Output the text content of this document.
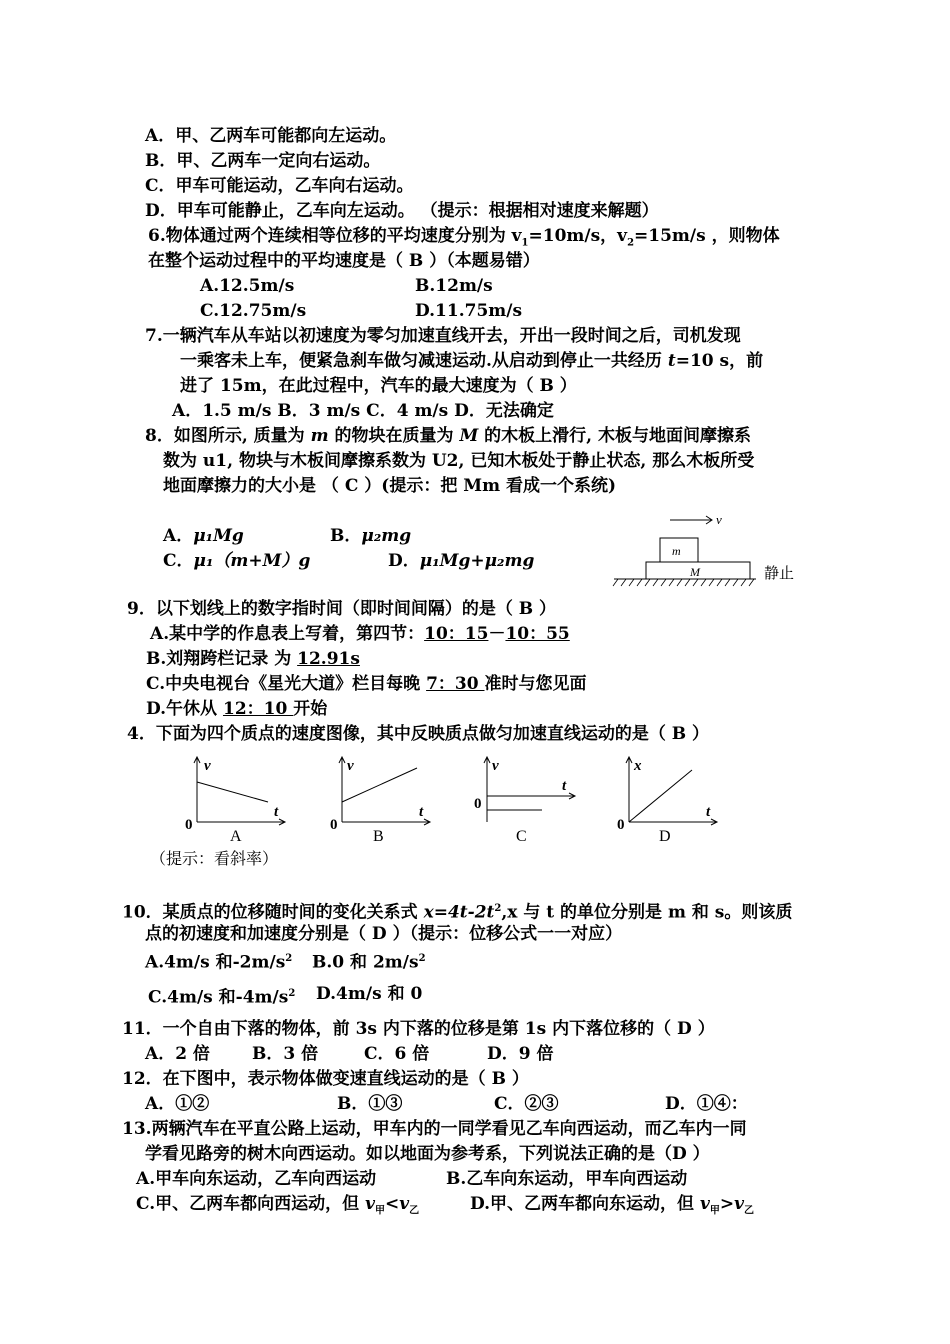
A．甲、乙两车可能都向左运动。
B．甲、乙两车一定向右运动。
C．甲车可能运动，乙车向右运动。
D．甲车可能静止，乙车向左运动。 （提示：根据相对速度来解题）
6.物体通过两个连续相等位移的平均速度分别为 $v_1=10m/s$，$v_2=15m/s$ ，则物体
在整个运动过程中的平均速度是（ B ）（本题易错）
A.12.5m/s	B.12m/s
C.12.75m/s	D.11.75m/s
7.一辆汽车从车站以初速度为零匀加速直线开去，开出一段时间之后，司机发现
一乘客未上车，便紧急刹车做匀减速运动.从启动到停止一共经历 t=10 s，前
进了 15m，在此过程中，汽车的最大速度为（ B ）
A．1.5 m/s B．3 m/s C．4 m/s D．无法确定
8．如图所示, 质量为 m 的物块在质量为 M 的木板上滑行, 木板与地面间摩擦系
数为 u1, 物块与木板间摩擦系数为 U2, 已知木板处于静止状态, 那么木板所受
地面摩擦力的大小是 （ C ）(提示：把 Mm 看成一个系统)
A．μ₁Mg	B．μ₂mg
C．μ₁（m+M）g	D．μ₁Mg+μ₂mg
v
m
M	静止
9．以下划线上的数字指时间（即时间间隔）的是（ B ）
A.某中学的作息表上写着，第四节：10：15－10：55
B.刘翔跨栏记录 为 12.91s
C.中央电视台《星光大道》栏目每晚 7：30 准时与您见面
D.午休从 12：10 开始
4．下面为四个质点的速度图像，其中反映质点做匀加速直线运动的是（ B ）
v
t
0
A
v
t
0
B
v
t
0
C
x
t
0
D
（提示：看斜率）
10．某质点的位移随时间的变化关系式 $x=4t-2t^2,x$ 与 t 的单位分别是 m 和 s。则该质
点的初速度和加速度分别是（ D ）（提示：位移公式一一对应）
A.4m/s 和$-2m/s^2$ B.0 和 $2m/s^2$
C.4m/s 和$-4m/s^2$ D.4m/s 和 0
11．一个自由下落的物体，前 3s 内下落的位移是第 1s 内下落位移的（ D ）
A．2 倍 B．3 倍	C．6 倍	D．9 倍
12．在下图中，表示物体做变速直线运动的是（ B ）
A．①②	B．①③	C．②③	D．①④：
13.两辆汽车在平直公路上运动，甲车内的一同学看见乙车向西运动，而乙车内一同
学看见路旁的树木向西运动。如以地面为参考系，下列说法正确的是（D ）
A.甲车向东运动，乙车向西运动	B.乙车向东运动，甲车向西运动
C.甲、乙两车都向西运动，但 $v_甲<v_乙$	D.甲、乙两车都向东运动，但 $v_甲>v_乙$
